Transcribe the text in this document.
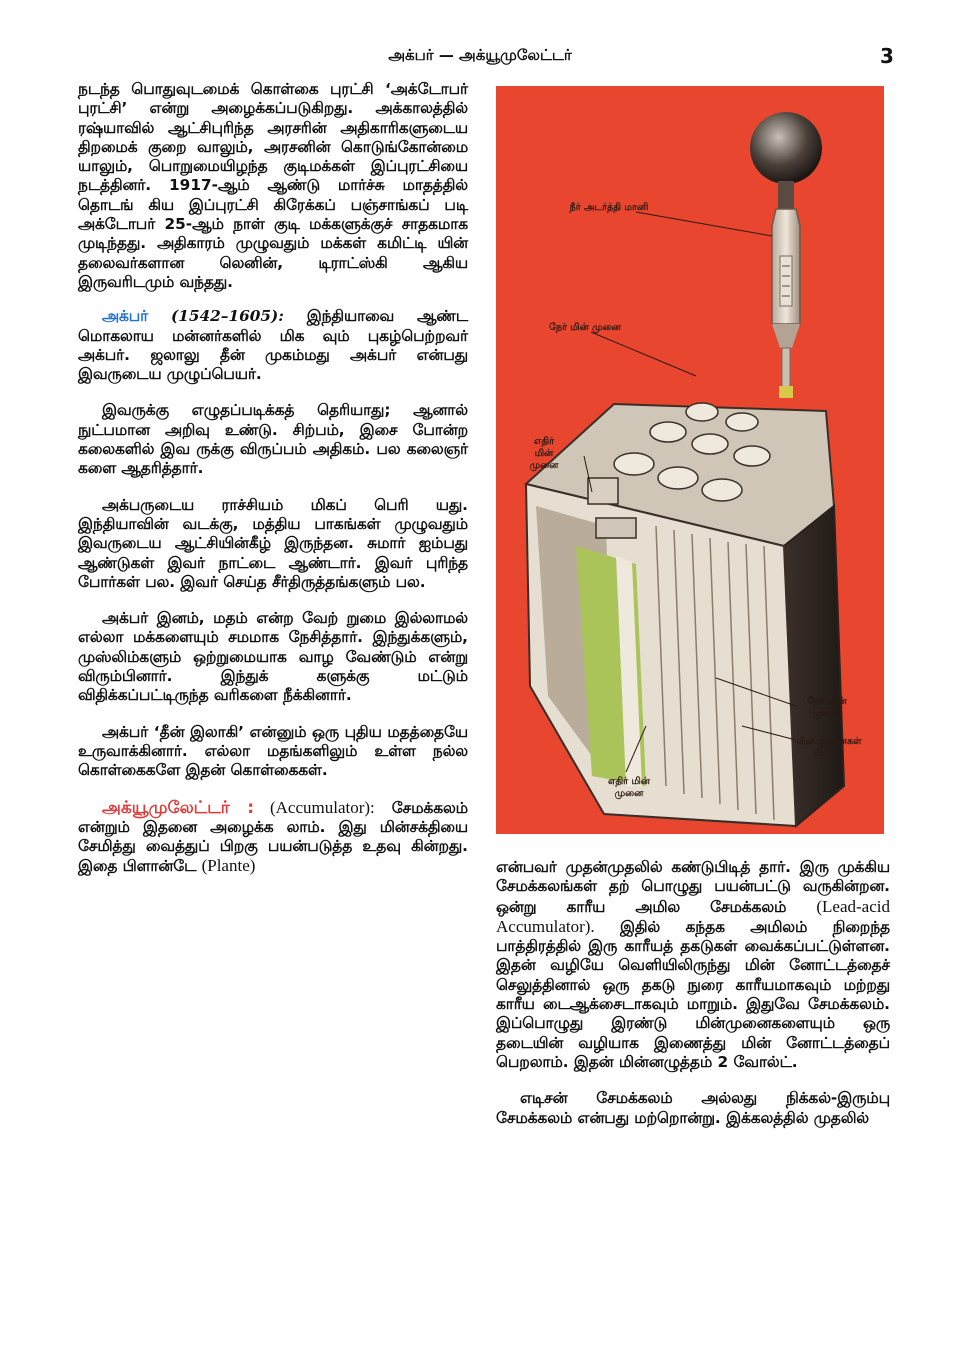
அக்பர் — அக்யூமுலேட்டர்	3

நடந்த பொதுவுடமைக் கொள்கை புரட்சி ‘அக்டோபர் புரட்சி’ என்று அழைக்கப்படுகிறது. அக்காலத்தில் ரஷ்யாவில் ஆட்சிபுரிந்த அரசரின் அதிகாரிகளுடைய திறமைக் குறை வாலும், அரசனின் கொடுங்கோன்மை யாலும், பொறுமையிழந்த குடிமக்கள் இப்புரட்சியை நடத்தினர். 1917-ஆம் ஆண்டு மார்ச்சு மாதத்தில் தொடங் கிய இப்புரட்சி கிரேக்கப் பஞ்சாங்கப் படி அக்டோபர் 25-ஆம் நாள் குடி மக்களுக்குச் சாதகமாக முடிந்தது. அதிகாரம் முழுவதும் மக்கள் கமிட்டி யின் தலைவர்களான லெனின், டிராட்ஸ்கி ஆகிய இருவரிடமும் வந்தது.

அக்பர் (1542–1605): இந்தியாவை ஆண்ட மொகலாய மன்னர்களில் மிக வும் புகழ்பெற்றவர் அக்பர். ஜலாலு தீன் முகம்மது அக்பர் என்பது இவருடைய முழுப்பெயர்.

இவருக்கு எழுதப்படிக்கத் தெரியாது; ஆனால் நுட்பமான அறிவு உண்டு. சிற்பம், இசை போன்ற கலைகளில் இவ ருக்கு விருப்பம் அதிகம். பல கலைஞர் களை ஆதரித்தார்.

அக்பருடைய ராச்சியம் மிகப் பெரி யது. இந்தியாவின் வடக்கு, மத்திய பாகங்கள் முழுவதும் இவருடைய ஆட்சியின்கீழ் இருந்தன. சுமார் ஐம்பது ஆண்டுகள் இவர் நாட்டை ஆண்டார். இவர் புரிந்த போர்கள் பல. இவர் செய்த சீர்திருத்தங்களும் பல.

அக்பர் இனம், மதம் என்ற வேற் றுமை இல்லாமல் எல்லா மக்களையும் சமமாக நேசித்தார். இந்துக்களும், முஸ்லிம்களும் ஒற்றுமையாக வாழ வேண்டும் என்று விரும்பினார். இந்துக் களுக்கு மட்டும் விதிக்கப்பட்டிருந்த வரிகளை நீக்கினார்.

அக்பர் ‘தீன் இலாகி’ என்னும் ஒரு புதிய மதத்தையே உருவாக்கினார். எல்லா மதங்களிலும் உள்ள நல்ல கொள்கைகளே இதன் கொள்கைகள்.

அக்யூமுலேட்டர் : (Accumulator): சேமக்கலம் என்றும் இதனை அழைக்க லாம். இது மின்சக்தியை சேமித்து வைத்துப் பிறகு பயன்படுத்த உதவு கின்றது. இதை பிளான்டே (Plante)

நீர் அடர்த்தி மானி
நேர் மின் முனை
எதிர்
மின்
முனை
நேர் மின்
முனை
மின் முனைகள்
பிரிப்பு
எதிர் மின்
முனை

என்பவர் முதன்முதலில் கண்டுபிடித் தார். இரு முக்கிய சேமக்கலங்கள் தற் பொழுது பயன்பட்டு வருகின்றன. ஒன்று காரீய அமில சேமக்கலம் (Lead-acid Accumulator). இதில் கந்தக அமிலம் நிறைந்த பாத்திரத்தில் இரு காரீயத் தகடுகள் வைக்கப்பட்டுள்ளன. இதன் வழியே வெளியிலிருந்து மின் னோட்டத்தைச் செலுத்தினால் ஒரு தகடு நுரை காரீயமாகவும் மற்றது காரீய டைஆக்சைடாகவும் மாறும். இதுவே சேமக்கலம். இப்பொழுது இரண்டு மின்முனைகளையும் ஒரு தடையின் வழியாக இணைத்து மின் னோட்டத்தைப் பெறலாம். இதன் மின்னழுத்தம் 2 வோல்ட்.

எடிசன் சேமக்கலம் அல்லது நிக்கல்-இரும்பு சேமக்கலம் என்பது மற்றொன்று. இக்கலத்தில் முதலில்
